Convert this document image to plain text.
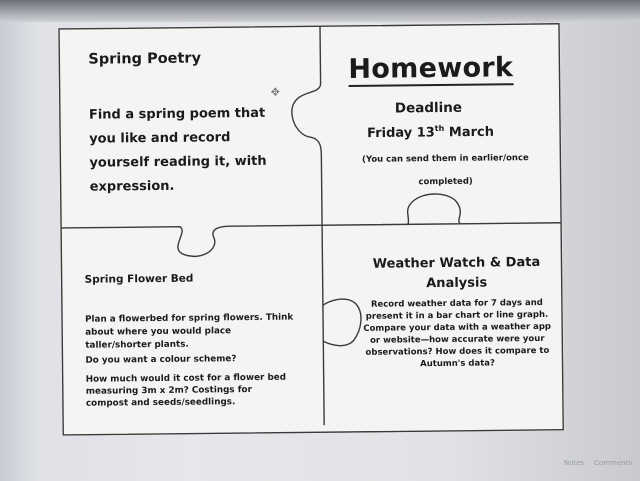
Spring Poetry
Find a spring poem that you like and record yourself reading it, with expression.
✥
Homework
Deadline
Friday 13th March
(You can send them in earlier/once completed)
Spring Flower Bed
Plan a flowerbed for spring flowers. Think about where you would place taller/shorter plants.
Do you want a colour scheme?
How much would it cost for a flower bed measuring 3m x 2m? Costings for compost and seeds/seedlings.
Weather Watch & Data Analysis
Record weather data for 7 days and present it in a bar chart or line graph. Compare your data with a weather app or website—how accurate were your observations? How does it compare to Autumn's data?
Notes Comments
